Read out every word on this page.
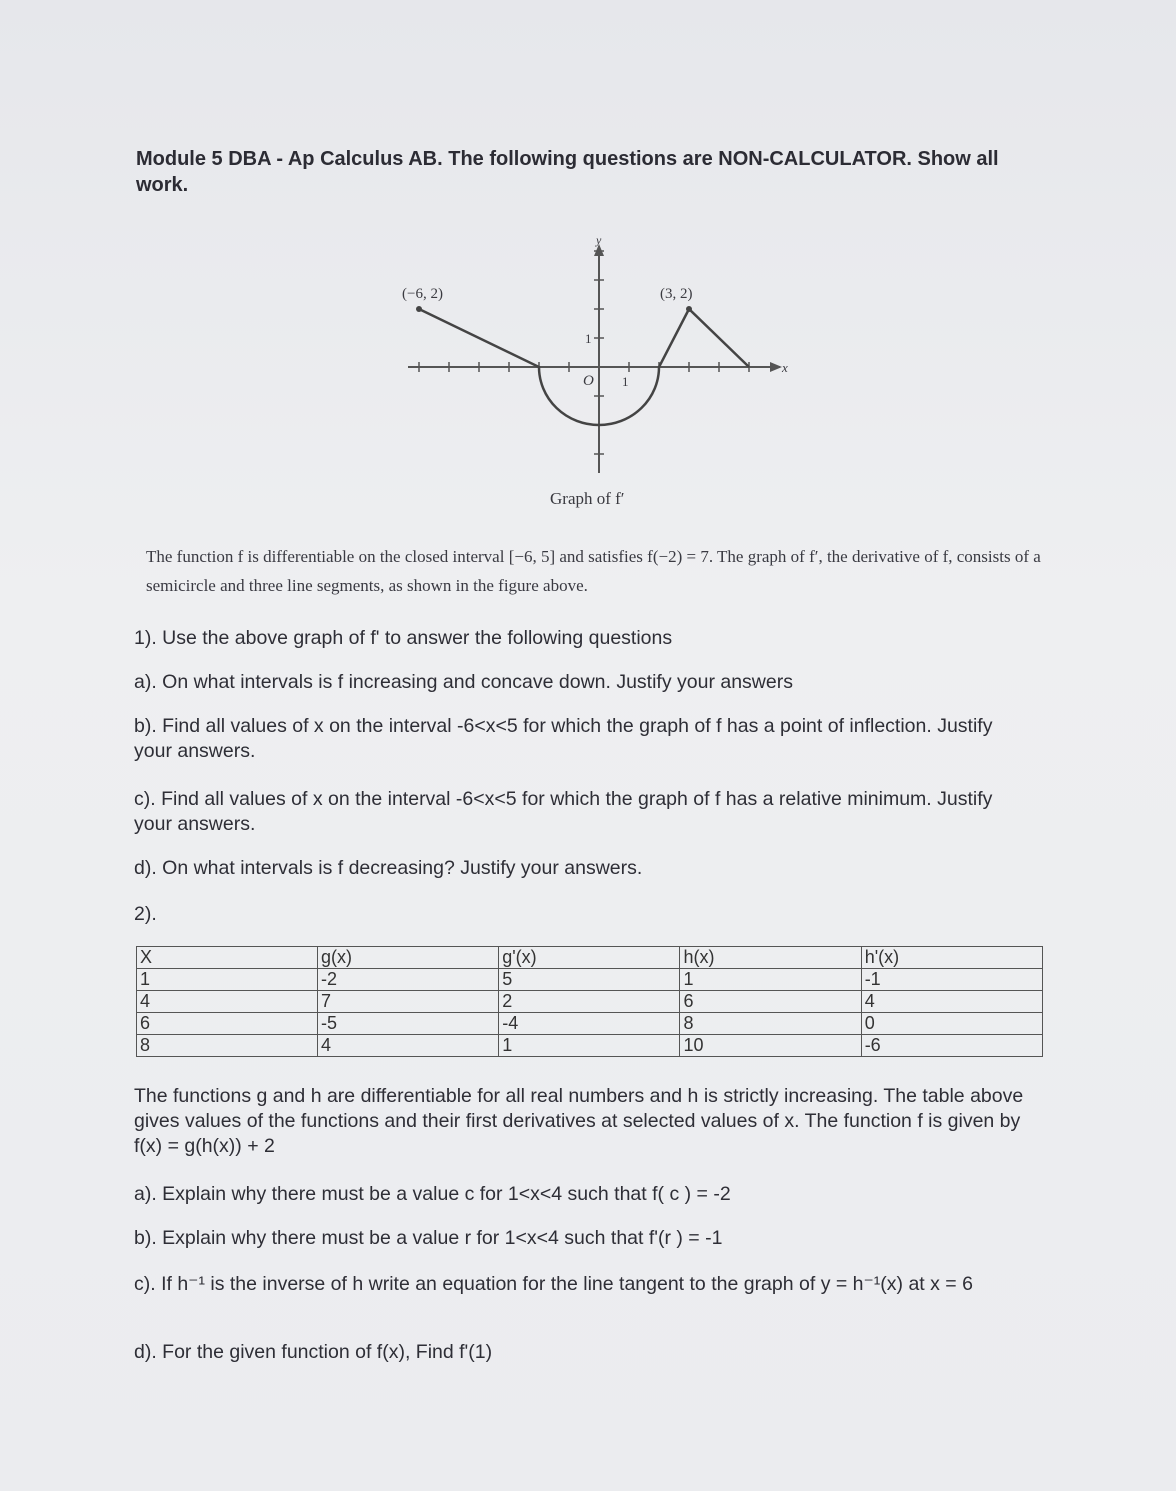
Module 5 DBA - Ap Calculus AB. The following questions are NON-CALCULATOR. Show all work.
(−6, 2)	(3, 2)
y
x
1
1
O
Graph of f′
The function f is differentiable on the closed interval [−6, 5] and satisfies f(−2) = 7. The graph of f′, the derivative of f, consists of a semicircle and three line segments, as shown in the figure above.
1). Use the above graph of f' to answer the following questions
a). On what intervals is f increasing and concave down. Justify your answers
b). Find all values of x on the interval -6<x<5 for which the graph of f has a point of inflection. Justify your answers.
c). Find all values of x on the interval -6<x<5 for which the graph of f has a relative minimum. Justify your answers.
d). On what intervals is f decreasing? Justify your answers.
2).
X	g(x)	g'(x)	h(x)	h'(x)
1	-2	5	1	-1
4	7	2	6	4
6	-5	-4	8	0
8	4	1	10	-6
The functions g and h are differentiable for all real numbers and h is strictly increasing. The table above gives values of the functions and their first derivatives at selected values of x. The function f is given by f(x) = g(h(x)) + 2
a). Explain why there must be a value c for 1<x<4 such that f( c ) = -2
b). Explain why there must be a value r for 1<x<4 such that f'(r ) = -1
c). If h⁻¹ is the inverse of h write an equation for the line tangent to the graph of y = h⁻¹(x) at x = 6
d). For the given function of f(x), Find f'(1)
